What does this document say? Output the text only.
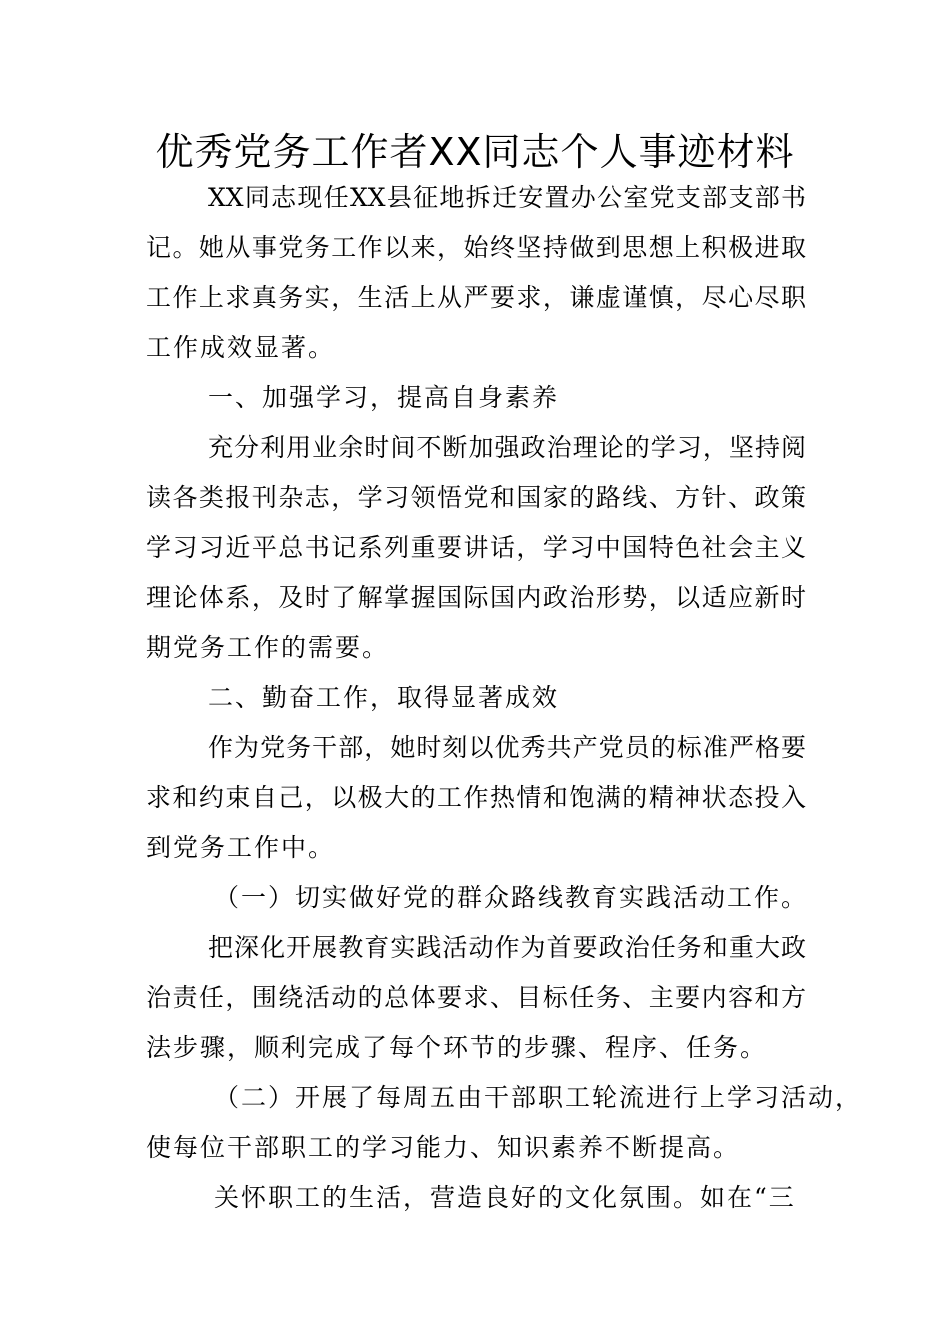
优秀党务工作者XX同志个人事迹材料
XX同志现任XX县征地拆迁安置办公室党支部支部书
记。她从事党务工作以来，始终坚持做到思想上积极进取
工作上求真务实，生活上从严要求，谦虚谨慎，尽心尽职
工作成效显著。
一、加强学习，提高自身素养
充分利用业余时间不断加强政治理论的学习，坚持阅
读各类报刊杂志，学习领悟党和国家的路线、方针、政策
学习习近平总书记系列重要讲话，学习中国特色社会主义
理论体系，及时了解掌握国际国内政治形势，以适应新时
期党务工作的需要。
二、勤奋工作，取得显著成效
作为党务干部，她时刻以优秀共产党员的标准严格要
求和约束自己，以极大的工作热情和饱满的精神状态投入
到党务工作中。
（一）切实做好党的群众路线教育实践活动工作。
把深化开展教育实践活动作为首要政治任务和重大政
治责任，围绕活动的总体要求、目标任务、主要内容和方
法步骤，顺利完成了每个环节的步骤、程序、任务。
（二）开展了每周五由干部职工轮流进行上学习活动，
使每位干部职工的学习能力、知识素养不断提高。
关怀职工的生活，营造良好的文化氛围。如在“三
